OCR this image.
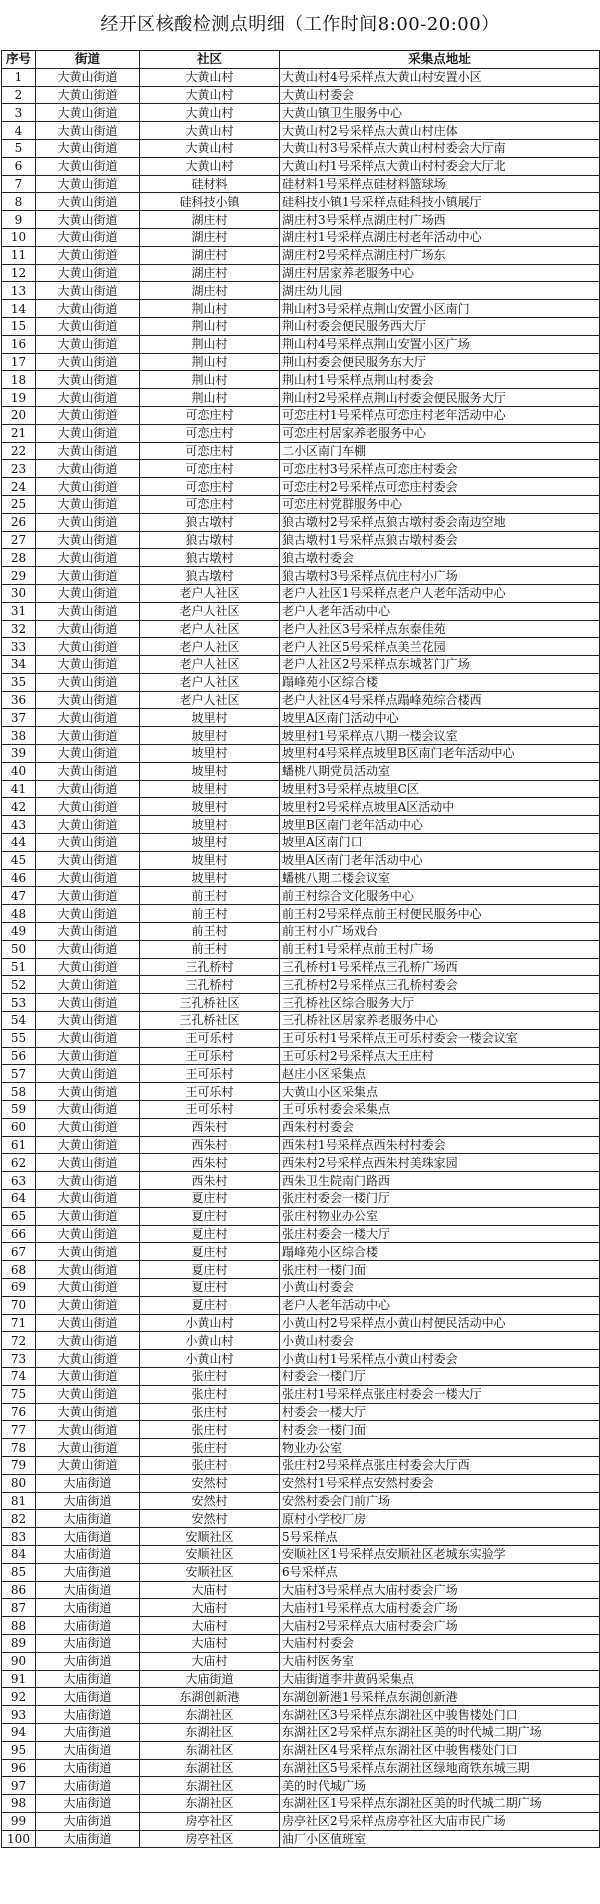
经开区核酸检测点明细（工作时间8:00-20:00）
序号	街道	社区	采集点地址
1	大黄山街道	大黄山村	大黄山村4号采样点大黄山村安置小区
2	大黄山街道	大黄山村	大黄山村委会
3	大黄山街道	大黄山村	大黄山镇卫生服务中心
4	大黄山街道	大黄山村	大黄山村2号采样点大黄山村庄体
5	大黄山街道	大黄山村	大黄山村3号采样点大黄山村村委会大厅南
6	大黄山街道	大黄山村	大黄山村1号采样点大黄山村村委会大厅北
7	大黄山街道	硅材料	硅材料1号采样点硅材料篮球场
8	大黄山街道	硅科技小镇	硅科技小镇1号采样点硅科技小镇展厅
9	大黄山街道	湖庄村	湖庄村3号采样点湖庄村广场西
10	大黄山街道	湖庄村	湖庄村1号采样点湖庄村老年活动中心
11	大黄山街道	湖庄村	湖庄村2号采样点湖庄村广场东
12	大黄山街道	湖庄村	湖庄村居家养老服务中心
13	大黄山街道	湖庄村	湖庄幼儿园
14	大黄山街道	荆山村	荆山村3号采样点荆山安置小区南门
15	大黄山街道	荆山村	荆山村委会便民服务西大厅
16	大黄山街道	荆山村	荆山村4号采样点荆山安置小区广场
17	大黄山街道	荆山村	荆山村委会便民服务东大厅
18	大黄山街道	荆山村	荆山村1号采样点荆山村委会
19	大黄山街道	荆山村	荆山村2号采样点荆山村委会便民服务大厅
20	大黄山街道	可恋庄村	可恋庄村1号采样点可恋庄村老年活动中心
21	大黄山街道	可恋庄村	可恋庄村居家养老服务中心
22	大黄山街道	可恋庄村	二小区南门车棚
23	大黄山街道	可恋庄村	可恋庄村3号采样点可恋庄村委会
24	大黄山街道	可恋庄村	可恋庄村2号采样点可恋庄村委会
25	大黄山街道	可恋庄村	可恋庄村党群服务中心
26	大黄山街道	狼古墩村	狼古墩村2号采样点狼古墩村委会南边空地
27	大黄山街道	狼古墩村	狼古墩村1号采样点狼古墩村委会
28	大黄山街道	狼古墩村	狼古墩村委会
29	大黄山街道	狼古墩村	狼古墩村3号采样点伉庄村小广场
30	大黄山街道	老户人社区	老户人社区1号采样点老户人老年活动中心
31	大黄山街道	老户人社区	老户人老年活动中心
32	大黄山街道	老户人社区	老户人社区3号采样点东泰佳苑
33	大黄山街道	老户人社区	老户人社区5号采样点美兰花园
34	大黄山街道	老户人社区	老户人社区2号采样点东城茗门广场
35	大黄山街道	老户人社区	蹋峰苑小区综合楼
36	大黄山街道	老户人社区	老户人社区4号采样点蹋峰苑综合楼西
37	大黄山街道	坡里村	坡里A区南门活动中心
38	大黄山街道	坡里村	坡里村1号采样点八期一楼会议室
39	大黄山街道	坡里村	坡里村4号采样点坡里B区南门老年活动中心
40	大黄山街道	坡里村	蟠桃八期党员活动室
41	大黄山街道	坡里村	坡里村3号采样点坡里C区
42	大黄山街道	坡里村	坡里村2号采样点坡里A区活动中
43	大黄山街道	坡里村	坡里B区南门老年活动中心
44	大黄山街道	坡里村	坡里A区南门口
45	大黄山街道	坡里村	坡里A区南门老年活动中心
46	大黄山街道	坡里村	蟠桃八期二楼会议室
47	大黄山街道	前王村	前王村综合文化服务中心
48	大黄山街道	前王村	前王村2号采样点前王村便民服务中心
49	大黄山街道	前王村	前王村小广场戏台
50	大黄山街道	前王村	前王村1号采样点前王村广场
51	大黄山街道	三孔桥村	三孔桥村1号采样点三孔桥广场西
52	大黄山街道	三孔桥村	三孔桥村2号采样点三孔桥村委会
53	大黄山街道	三孔桥社区	三孔桥社区综合服务大厅
54	大黄山街道	三孔桥社区	三孔桥社区居家养老服务中心
55	大黄山街道	王可乐村	王可乐村1号采样点王可乐村委会一楼会议室
56	大黄山街道	王可乐村	王可乐村2号采样点大王庄村
57	大黄山街道	王可乐村	赵庄小区采集点
58	大黄山街道	王可乐村	大黄山小区采集点
59	大黄山街道	王可乐村	王可乐村委会采集点
60	大黄山街道	西朱村	西朱村村委会
61	大黄山街道	西朱村	西朱村1号采样点西朱村村委会
62	大黄山街道	西朱村	西朱村2号采样点西朱村美珠家园
63	大黄山街道	西朱村	西朱卫生院南门路西
64	大黄山街道	夏庄村	张庄村委会一楼门厅
65	大黄山街道	夏庄村	张庄村物业办公室
66	大黄山街道	夏庄村	张庄村委会一楼大厅
67	大黄山街道	夏庄村	蹋峰苑小区综合楼
68	大黄山街道	夏庄村	张庄村一楼门面
69	大黄山街道	夏庄村	小黄山村委会
70	大黄山街道	夏庄村	老户人老年活动中心
71	大黄山街道	小黄山村	小黄山村2号采样点小黄山村便民活动中心
72	大黄山街道	小黄山村	小黄山村委会
73	大黄山街道	小黄山村	小黄山村1号采样点小黄山村委会
74	大黄山街道	张庄村	村委会一楼门厅
75	大黄山街道	张庄村	张庄村1号采样点张庄村委会一楼大厅
76	大黄山街道	张庄村	村委会一楼大厅
77	大黄山街道	张庄村	村委会一楼门面
78	大黄山街道	张庄村	物业办公室
79	大黄山街道	张庄村	张庄村2号采样点张庄村委会大厅西
80	大庙街道	安然村	安然村1号采样点安然村委会
81	大庙街道	安然村	安然村委会门前广场
82	大庙街道	安然村	原村小学校厂房
83	大庙街道	安顺社区	5号采样点
84	大庙街道	安顺社区	安顺社区1号采样点安顺社区老城东实验学
85	大庙街道	安顺社区	6号采样点
86	大庙街道	大庙村	大庙村3号采样点大庙村委会广场
87	大庙街道	大庙村	大庙村1号采样点大庙村委会广场
88	大庙街道	大庙村	大庙村2号采样点大庙村委会广场
89	大庙街道	大庙村	大庙村村委会
90	大庙街道	大庙村	大庙村医务室
91	大庙街道	大庙街道	大庙街道李井黄码采集点
92	大庙街道	东湖创新港	东湖创新港1号采样点东湖创新港
93	大庙街道	东湖社区	东湖社区3号采样点东湖社区中骏售楼处门口
94	大庙街道	东湖社区	东湖社区2号采样点东湖社区美的时代城二期广场
95	大庙街道	东湖社区	东湖社区4号采样点东湖社区中骏售楼处门口
96	大庙街道	东湖社区	东湖社区5号采样点东湖社区绿地商铁东城三期
97	大庙街道	东湖社区	美的时代城广场
98	大庙街道	东湖社区	东湖社区1号采样点东湖社区美的时代城二期广场
99	大庙街道	房亭社区	房亭社区2号采样点房亭社区大庙市民广场
100	大庙街道	房亭社区	油厂小区值班室
